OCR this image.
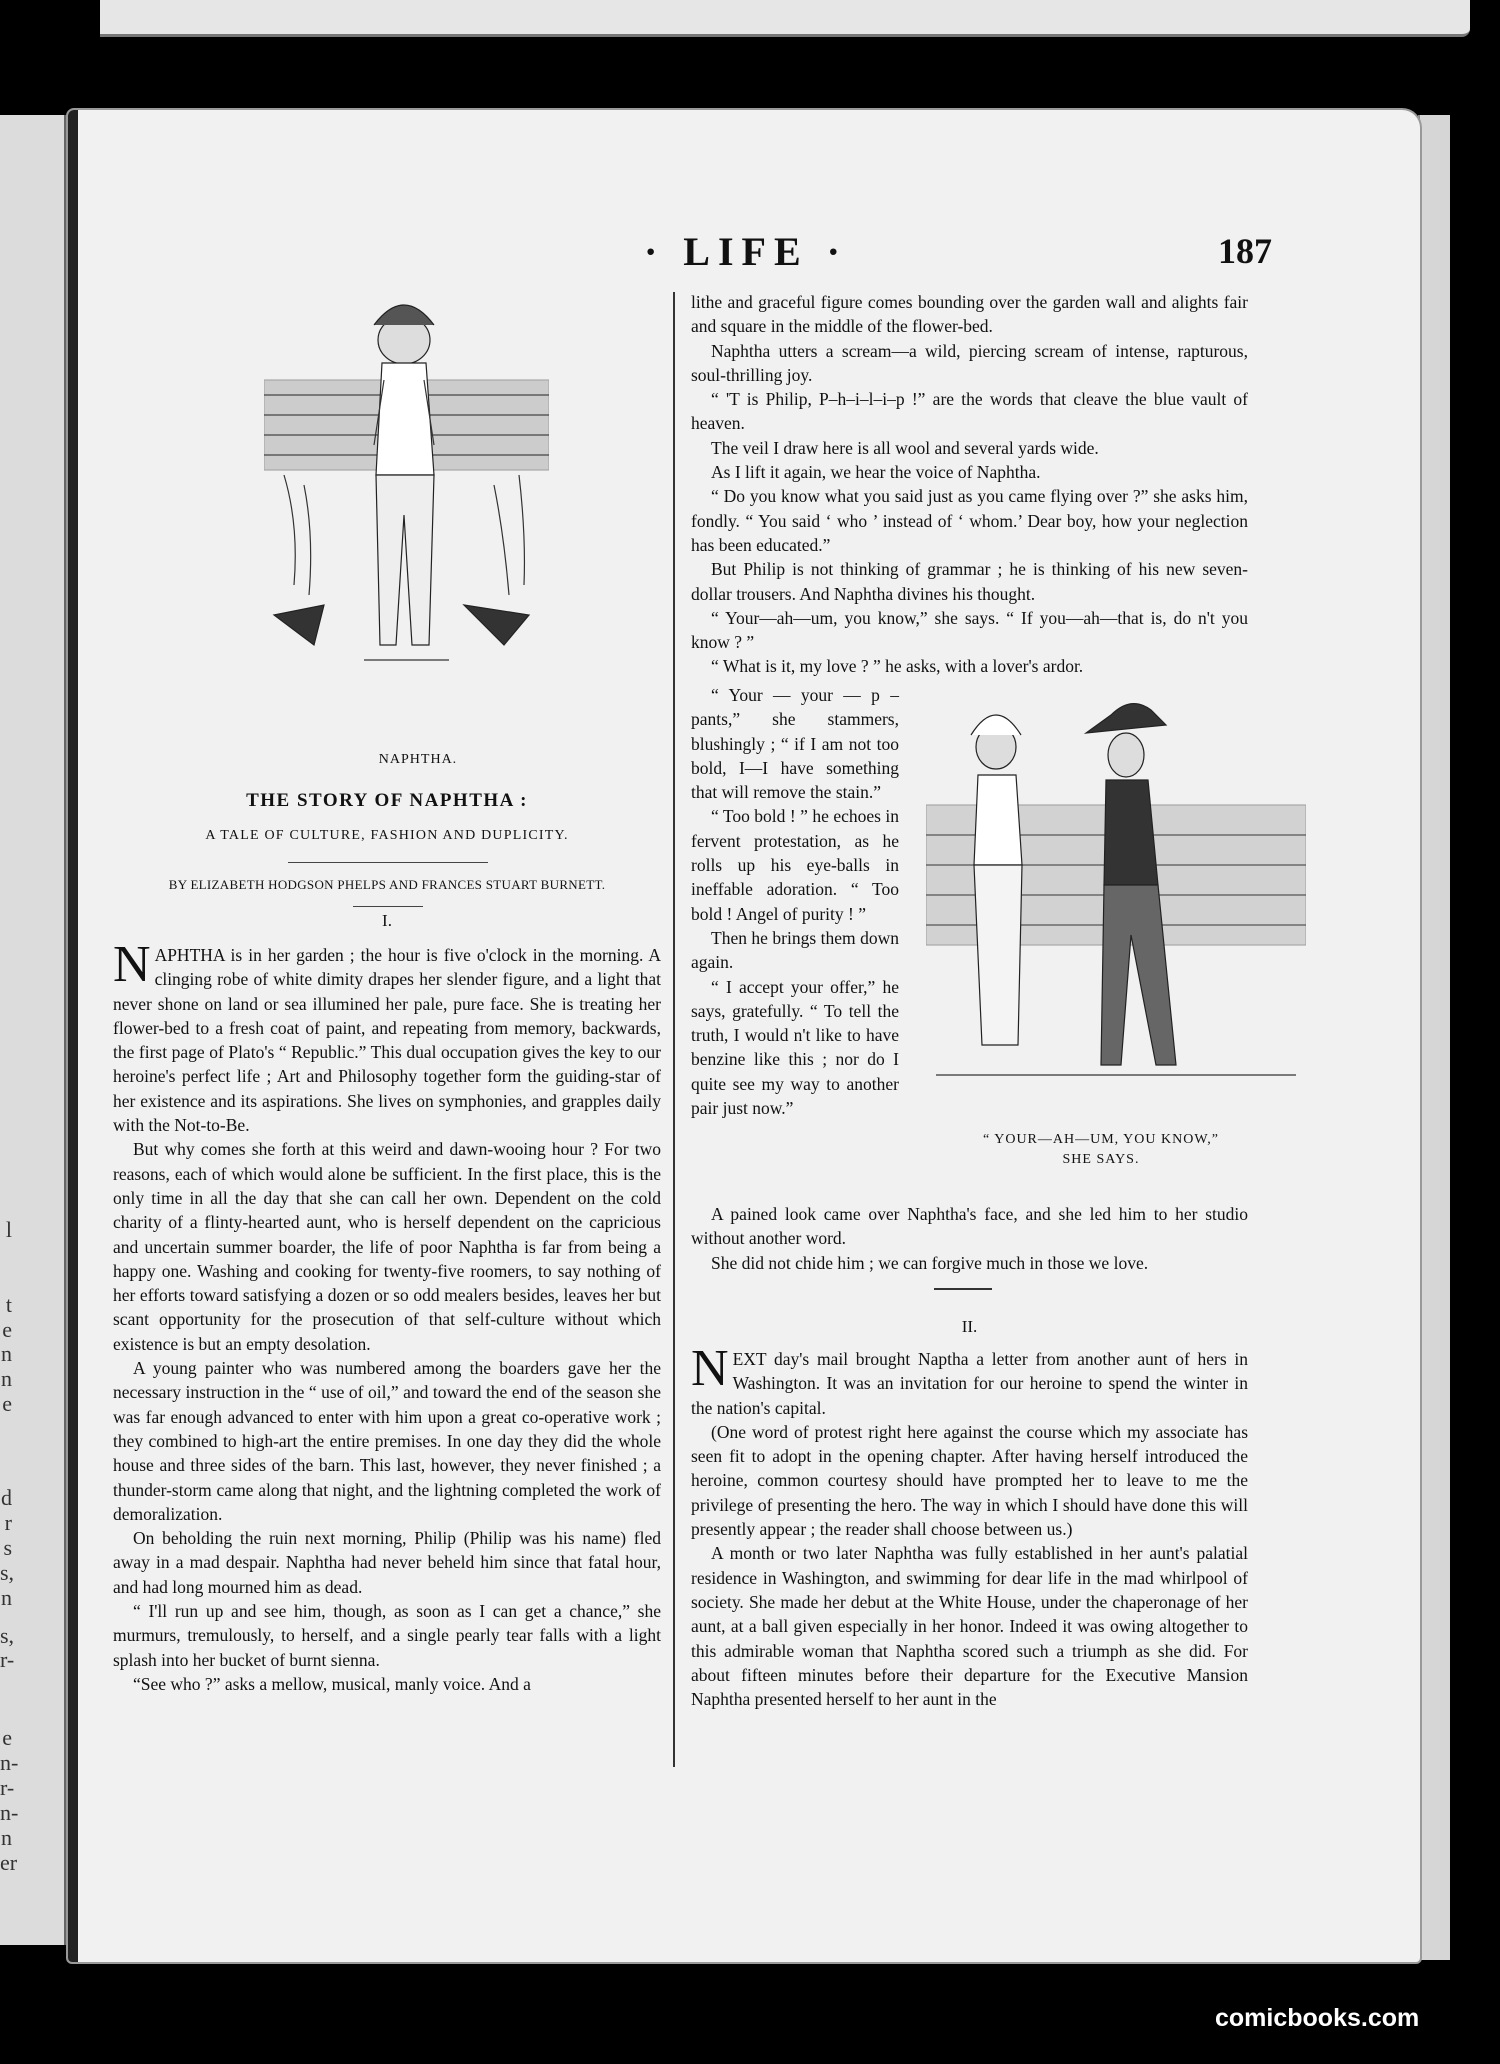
l
t
e
n
n
e
d
r
s
s,
n
s,
r-
e
n-
r-
n-
n
er
· LIFE ·	187
NAPHTHA.
THE STORY OF NAPHTHA :
A TALE OF CULTURE, FASHION AND DUPLICITY.
BY ELIZABETH HODGSON PHELPS AND FRANCES STUART BURNETT.
I.

NAPHTHA is in her garden ; the hour is five o'clock in the morning. A clinging robe of white dimity drapes her slender figure, and a light that never shone on land or sea illumined her pale, pure face. She is treating her flower-bed to a fresh coat of paint, and repeating from memory, backwards, the first page of Plato's “ Republic.” This dual occupation gives the key to our heroine's perfect life ; Art and Philosophy together form the guiding-star of her existence and its aspirations. She lives on symphonies, and grapples daily with the Not-to-Be.

But why comes she forth at this weird and dawn-wooing hour ? For two reasons, each of which would alone be sufficient. In the first place, this is the only time in all the day that she can call her own. Dependent on the cold charity of a flinty-hearted aunt, who is herself dependent on the capricious and uncertain summer boarder, the life of poor Naphtha is far from being a happy one. Washing and cooking for twenty-five roomers, to say nothing of her efforts toward satisfying a dozen or so odd mealers besides, leaves her but scant opportunity for the prosecution of that self-culture without which existence is but an empty desolation.

A young painter who was numbered among the boarders gave her the necessary instruction in the “ use of oil,” and toward the end of the season she was far enough advanced to enter with him upon a great co-operative work ; they combined to high-art the entire premises. In one day they did the whole house and three sides of the barn. This last, however, they never finished ; a thunder-storm came along that night, and the lightning completed the work of demoralization.

On beholding the ruin next morning, Philip (Philip was his name) fled away in a mad despair. Naphtha had never beheld him since that fatal hour, and had long mourned him as dead.

“ I'll run up and see him, though, as soon as I can get a chance,” she murmurs, tremulously, to herself, and a single pearly tear falls with a light splash into her bucket of burnt sienna.

“See who ?” asks a mellow, musical, manly voice. And a

lithe and graceful figure comes bounding over the garden wall and alights fair and square in the middle of the flower-bed.

Naphtha utters a scream—a wild, piercing scream of intense, rapturous, soul-thrilling joy.

“ 'T is Philip, P–h–i–l–i–p !” are the words that cleave the blue vault of heaven.

The veil I draw here is all wool and several yards wide.

As I lift it again, we hear the voice of Naphtha.

“ Do you know what you said just as you came flying over ?” she asks him, fondly. “ You said ‘ who ’ instead of ‘ whom.’ Dear boy, how your neglection has been educated.”

But Philip is not thinking of grammar ; he is thinking of his new seven-dollar trousers. And Naphtha divines his thought.

“ Your—ah—um, you know,” she says. “ If you—ah—that is, do n't you know ? ”

“ What is it, my love ? ” he asks, with a lover's ardor.

“ Your — your — p – pants,” she stammers, blushingly ; “ if I am not too bold, I—I have something that will remove the stain.”

“ Too bold ! ” he echoes in fervent protestation, as he rolls up his eye-balls in ineffable adoration. “ Too bold ! Angel of purity ! ”

Then he brings them down again.

“ I accept your offer,” he says, gratefully. “ To tell the truth, I would n't like to have benzine like this ; nor do I quite see my way to another pair just now.”

“ YOUR—AH—UM, YOU KNOW,”
SHE SAYS.

A pained look came over Naphtha's face, and she led him to her studio without another word.

She did not chide him ; we can forgive much in those we love.

II.

NEXT day's mail brought Naptha a letter from another aunt of hers in Washington. It was an invitation for our heroine to spend the winter in the nation's capital.

(One word of protest right here against the course which my associate has seen fit to adopt in the opening chapter. After having herself introduced the heroine, common courtesy should have prompted her to leave to me the privilege of presenting the hero. The way in which I should have done this will presently appear ; the reader shall choose between us.)

A month or two later Naphtha was fully established in her aunt's palatial residence in Washington, and swimming for dear life in the mad whirlpool of society. She made her debut at the White House, under the chaperonage of her aunt, at a ball given especially in her honor. Indeed it was owing altogether to this admirable woman that Naphtha scored such a triumph as she did. For about fifteen minutes before their departure for the Executive Mansion Naphtha presented herself to her aunt in the

comicbooks.com
